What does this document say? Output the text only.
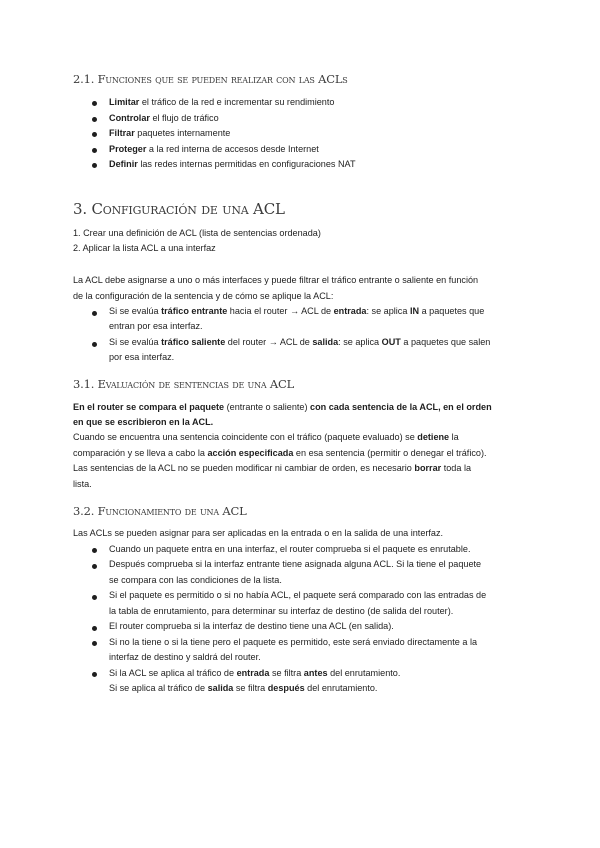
2.1. Funciones que se pueden realizar con las ACLs
Limitar el tráfico de la red e incrementar su rendimiento
Controlar el flujo de tráfico
Filtrar paquetes internamente
Proteger a la red interna de accesos desde Internet
Definir las redes internas permitidas en configuraciones NAT
3. Configuración de una ACL
1. Crear una definición de ACL (lista de sentencias ordenada)
2. Aplicar la lista ACL a una interfaz
La ACL debe asignarse a uno o más interfaces y puede filtrar el tráfico entrante o saliente en función
de la configuración de la sentencia y de cómo se aplique la ACL:
Si se evalúa tráfico entrante hacia el router → ACL de entrada: se aplica IN a paquetes que
entran por esa interfaz.
Si se evalúa tráfico saliente del router → ACL de salida: se aplica OUT a paquetes que salen
por esa interfaz.
3.1. Evaluación de sentencias de una ACL
En el router se compara el paquete (entrante o saliente) con cada sentencia de la ACL, en el orden
en que se escribieron en la ACL.
Cuando se encuentra una sentencia coincidente con el tráfico (paquete evaluado) se detiene la
comparación y se lleva a cabo la acción especificada en esa sentencia (permitir o denegar el tráfico).
Las sentencias de la ACL no se pueden modificar ni cambiar de orden, es necesario borrar toda la
lista.
3.2. Funcionamiento de una ACL
Las ACLs se pueden asignar para ser aplicadas en la entrada o en la salida de una interfaz.
Cuando un paquete entra en una interfaz, el router comprueba si el paquete es enrutable.
Después comprueba si la interfaz entrante tiene asignada alguna ACL. Si la tiene el paquete
se compara con las condiciones de la lista.
Si el paquete es permitido o si no había ACL, el paquete será comparado con las entradas de
la tabla de enrutamiento, para determinar su interfaz de destino (de salida del router).
El router comprueba si la interfaz de destino tiene una ACL (en salida).
Si no la tiene o si la tiene pero el paquete es permitido, este será enviado directamente a la
interfaz de destino y saldrá del router.
Si la ACL se aplica al tráfico de entrada se filtra antes del enrutamiento.
Si se aplica al tráfico de salida se filtra después del enrutamiento.
